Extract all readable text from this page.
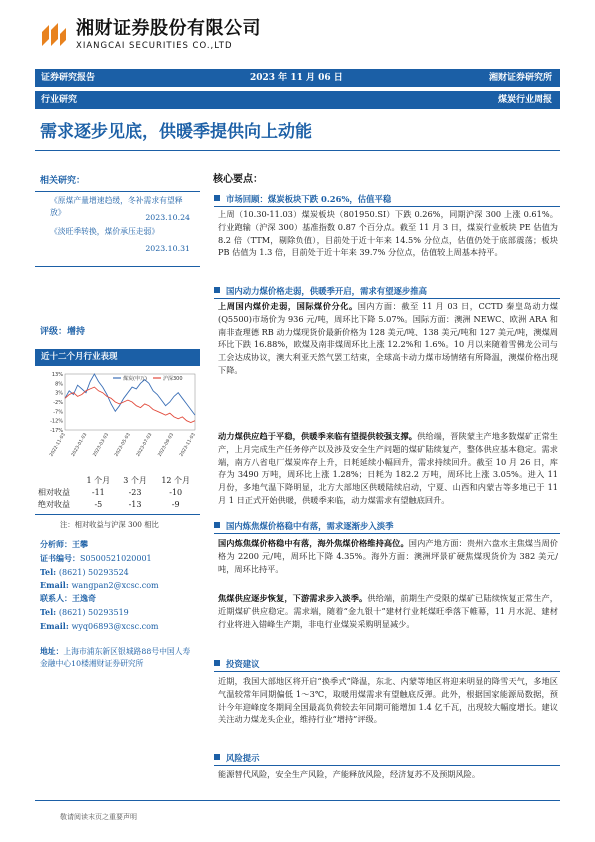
湘财证券股份有限公司
XIANGCAI SECURITIES CO.,LTD
证券研究报告	2023 年 11 月 06 日	湘财证券研究所
行业研究	煤炭行业周报
需求逐步见底，供暖季提供向上动能
相关研究：
《原煤产量增速趋缓，冬补需求有望释放》
2023.10.24
《淡旺季转换，煤价承压走弱》
2023.10.31
评级：增持
近十二个月行业表现
13%
8%
3%
-2%
-7%
-12%
-17%
2022-11-03 2023-01-03 2023-03-03 2023-05-03 2023-07-03 2023-09-03 2023-11-03
煤炭(申万)	沪深300
	1 个月	3 个月	12 个月
相对收益	-11	-23	-10
绝对收益	-5	-13	-9
注：相对收益与沪深 300 相比
分析师：王攀
证书编号：S0500521020001
Tel: (8621) 50293524
Email: wangpan2@xcsc.com
联系人：王逸奇
Tel: (8621) 50293519
Email: wyq06893@xcsc.com
地址：上海市浦东新区银城路88号中国人寿金融中心10楼湘财证券研究所
核心要点：
市场回顾：煤炭板块下跌 0.26%，估值平稳
上周（10.30-11.03）煤炭板块（801950.SI）下跌 0.26%，同期沪深 300 上涨 0.61%。行业跑输（沪深 300）基准指数 0.87 个百分点。截至 11 月 3 日，煤炭行业板块 PE 估值为 8.2 倍（TTM，剔除负值），目前处于近十年来 14.5% 分位点，估值仍处于底部震荡；板块 PB 估值为 1.3 倍，目前处于近十年来 39.7% 分位点，估值较上周基本持平。
国内动力煤价格走弱，供暖季开启，需求有望逐步推高
上周国内煤价走弱，国际煤价分化。国内方面：截至 11 月 03 日，CCTD 秦皇岛动力煤(Q5500)市场价为 936 元/吨，周环比下降 5.07%。国际方面：澳洲 NEWC、欧洲 ARA 和南非查理德 RB 动力煤现货价最新价格为 128 美元/吨、138 美元/吨和 127 美元/吨，澳煤周环比下跌 16.88%，欧煤及南非煤周环比上涨 12.2%和 1.6%。10 月以来随着雪佛龙公司与工会达成协议，澳大利亚天然气罢工结束，全球高卡动力煤市场情绪有所降温，澳煤价格出现下降。
动力煤供应趋于平稳，供暖季来临有望提供较强支撑。供给端，晋陕蒙主产地多数煤矿正常生产，上月完成生产任务停产以及涉及安全生产问题的煤矿陆续复产，整体供应基本稳定。需求端，南方八省电厂煤炭库存上升，日耗延续小幅回升，需求持续回升。截至 10 月 26 日，库存为 3490 万吨，周环比上涨 1.28%；日耗为 182.2 万吨，周环比上涨 3.05%。进入 11 月份，多地气温下降明显，北方大部地区供暖陆续启动，宁夏、山西和内蒙古等多地已于 11 月 1 日正式开始供暖，供暖季来临，动力煤需求有望触底回升。
国内炼焦煤价格稳中有落，需求逐渐步入淡季
国内炼焦煤价格稳中有落，海外焦煤价格维持高位。国内产地方面：贵州六盘水主焦煤当周价格为 2200 元/吨，周环比下降 4.35%。海外方面：澳洲坪景矿硬焦煤现货价为 382 美元/吨，周环比持平。
焦煤供应逐步恢复，下游需求步入淡季。供给端，前期生产受限的煤矿已陆续恢复正常生产，近期煤矿供应稳定。需求端，随着“金九银十”建材行业耗煤旺季落下帷幕，11 月水泥、建材行业将进入错峰生产期，非电行业煤炭采购明显减少。
投资建议
近期，我国大部地区将开启“换季式”降温，东北、内蒙等地区将迎来明显的降雪天气，多地区气温较常年同期偏低 1～3℃，取暖用煤需求有望触底反弹。此外，根据国家能源局数据，预计今年迎峰度冬期间全国最高负荷较去年同期可能增加 1.4 亿千瓦，出现较大幅度增长。建议关注动力煤龙头企业，维持行业“增持”评级。
风险提示
能源替代风险，安全生产风险，产能释放风险，经济复苏不及预期风险。
敬请阅读末页之重要声明
